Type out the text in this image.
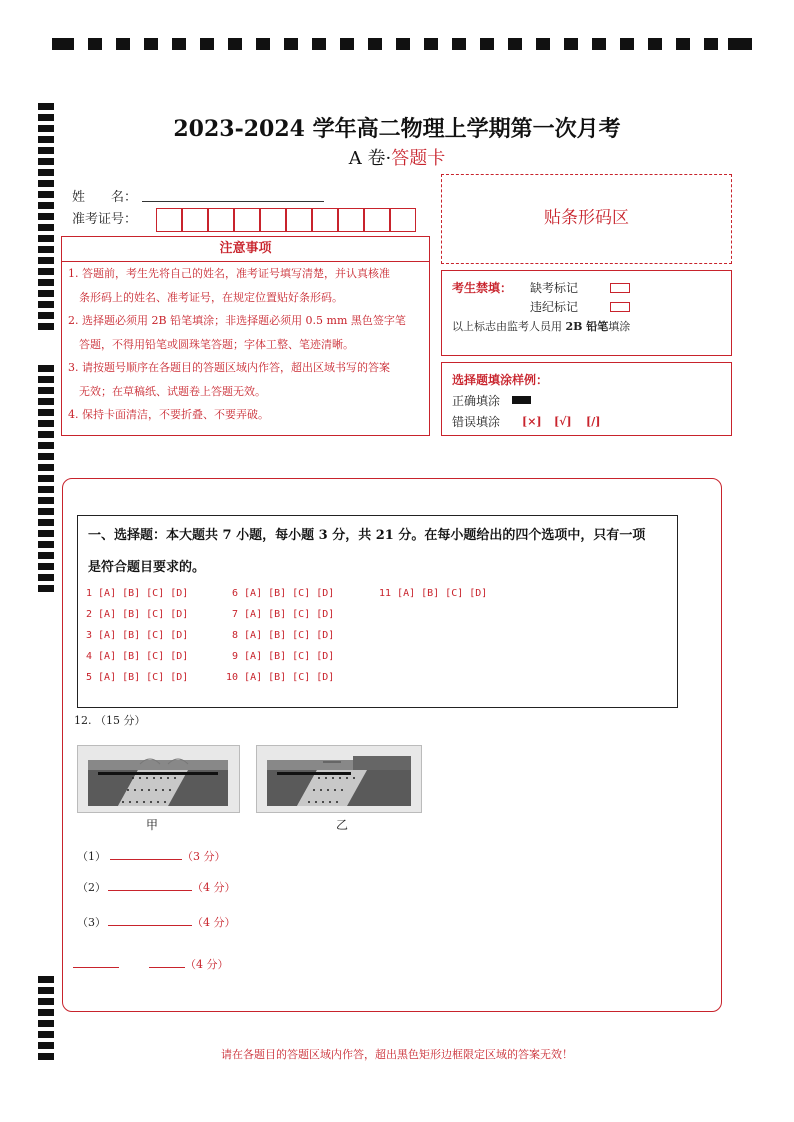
2023-2024 学年高二物理上学期第一次月考
A 卷·答题卡
姓　　名：
准考证号：
注意事项

1. 答题前，考生先将自己的姓名，准考证号填写清楚，并认真核准

　条形码上的姓名、准考证号，在规定位置贴好条形码。

2. 选择题必须用 2B 铅笔填涂；非选择题必须用 0.5 mm 黑色签字笔

　答题，不得用铅笔或圆珠笔答题；字体工整、笔迹清晰。

3. 请按题号顺序在各题目的答题区域内作答，超出区域书写的答案

　无效；在草稿纸、试题卷上答题无效。

4. 保持卡面清洁，不要折叠、不要弄破。

贴条形码区
考生禁填： 缺考标记
违纪标记
以上标志由监考人员用 2B 铅笔填涂
选择题填涂样例：
正确填涂
错误填涂 [×] [√] [/]
一、选择题：本大题共 7 小题，每小题 3 分，共 21 分。在每小题给出的四个选项中，只有一项
是符合题目要求的。
1 [A] [B] [C] [D]
2 [A] [B] [C] [D]
3 [A] [B] [C] [D]
4 [A] [B] [C] [D]
5 [A] [B] [C] [D]
6 [A] [B] [C] [D]
7 [A] [B] [C] [D]
8 [A] [B] [C] [D]
9 [A] [B] [C] [D]
10 [A] [B] [C] [D]
11 [A] [B] [C] [D]
12. （15 分）
甲	乙
（1）	（3 分）
（2）	（4 分）
（3）	（4 分）
（4 分）
请在各题目的答题区域内作答，超出黑色矩形边框限定区域的答案无效！
